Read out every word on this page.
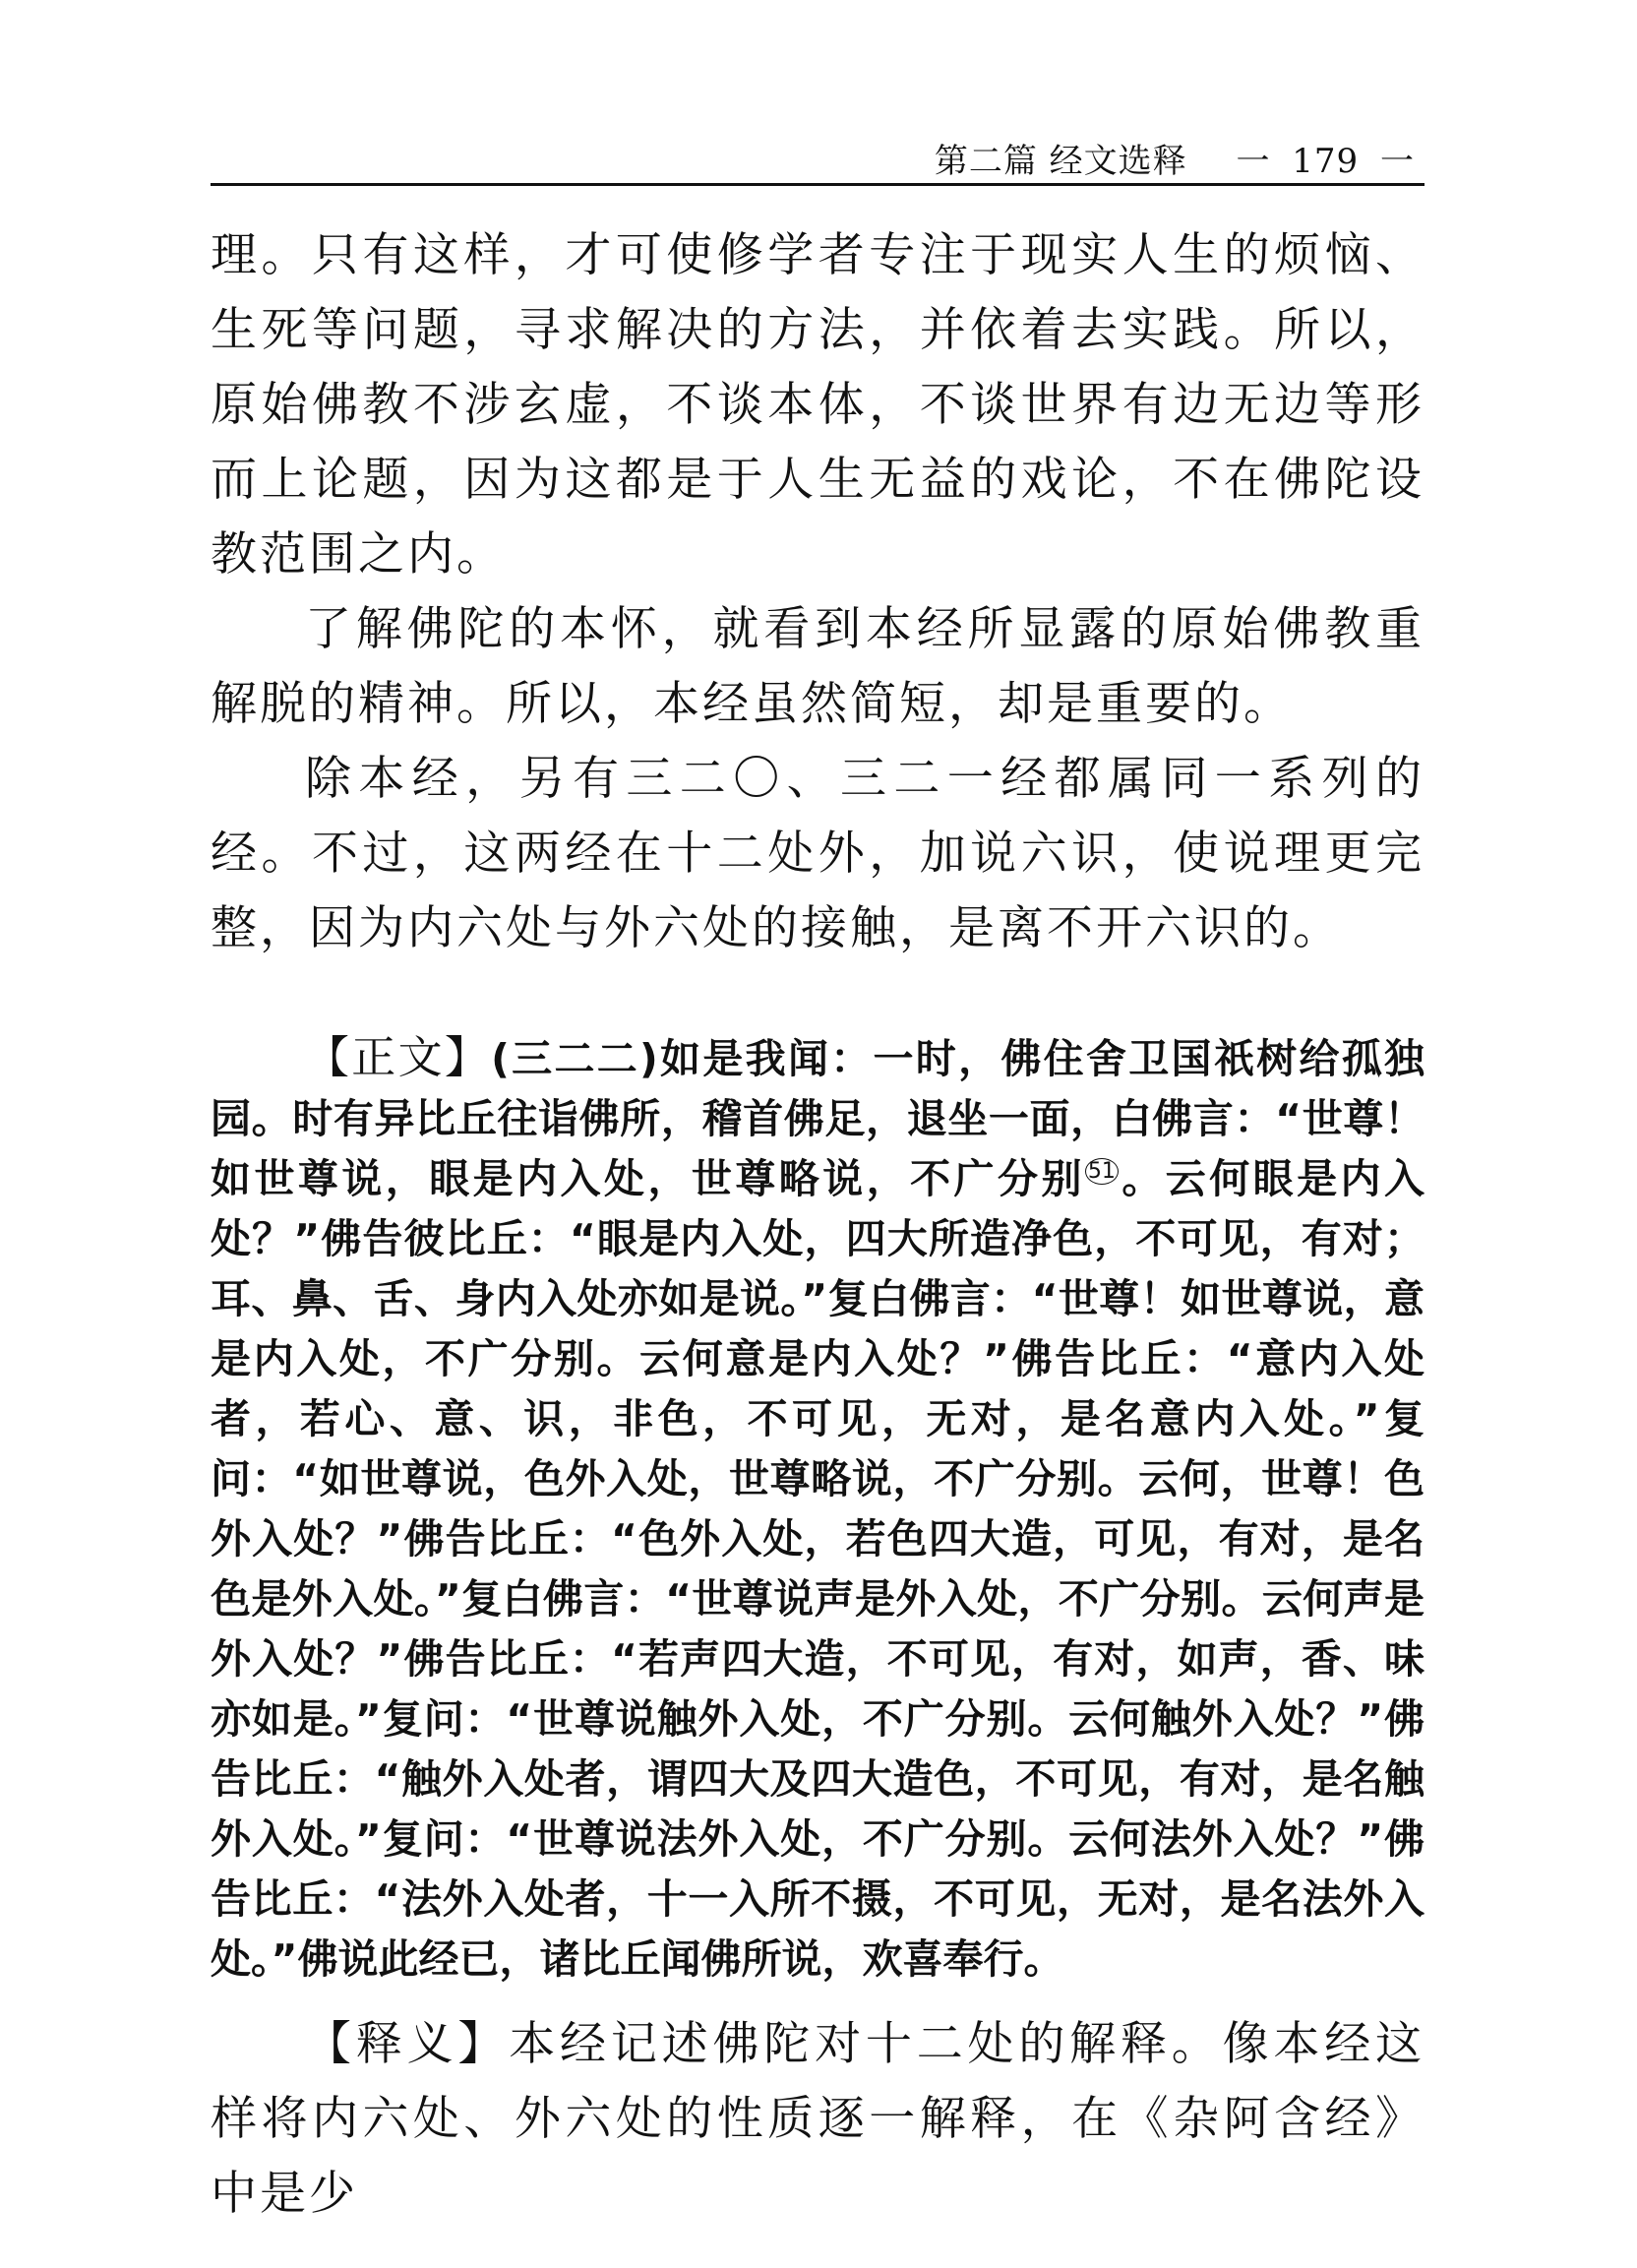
第二篇 经文选释 一 179 一

理。只有这样，才可使修学者专注于现实人生的烦恼、生死等问题，寻求解决的方法，并依着去实践。所以，原始佛教不涉玄虚，不谈本体，不谈世界有边无边等形而上论题，因为这都是于人生无益的戏论，不在佛陀设教范围之内。

了解佛陀的本怀，就看到本经所显露的原始佛教重解脱的精神。所以，本经虽然简短，却是重要的。

除本经，另有三二〇、三二一经都属同一系列的经。不过，这两经在十二处外，加说六识，使说理更完整，因为内六处与外六处的接触，是离不开六识的。

【正文】(三二二)如是我闻：一时，佛住舍卫国祇树给孤独园。时有异比丘往诣佛所，稽首佛足，退坐一面，白佛言：“世尊！如世尊说，眼是内入处，世尊略说，不广分别 $^{51}$。云何眼是内入处？”佛告彼比丘：“眼是内入处，四大所造净色，不可见，有对；耳、鼻、舌、身内入处亦如是说。”复白佛言：“世尊！如世尊说，意是内入处，不广分别。云何意是内入处？”佛告比丘：“意内入处者，若心、意、识，非色，不可见，无对，是名意内入处。”复问：“如世尊说，色外入处，世尊略说，不广分别。云何，世尊！色外入处？”佛告比丘：“色外入处，若色四大造，可见，有对，是名色是外入处。”复白佛言：“世尊说声是外入处，不广分别。云何声是外入处？”佛告比丘：“若声四大造，不可见，有对，如声，香、味亦如是。”复问：“世尊说触外入处，不广分别。云何触外入处？”佛告比丘：“触外入处者，谓四大及四大造色，不可见，有对，是名触外入处。”复问：“世尊说法外入处，不广分别。云何法外入处？”佛告比丘：“法外入处者，十一入所不摄，不可见，无对，是名法外入处。”佛说此经已，诸比丘闻佛所说，欢喜奉行。

【释义】本经记述佛陀对十二处的解释。像本经这样将内六处、外六处的性质逐一解释，在《杂阿含经》中是少
